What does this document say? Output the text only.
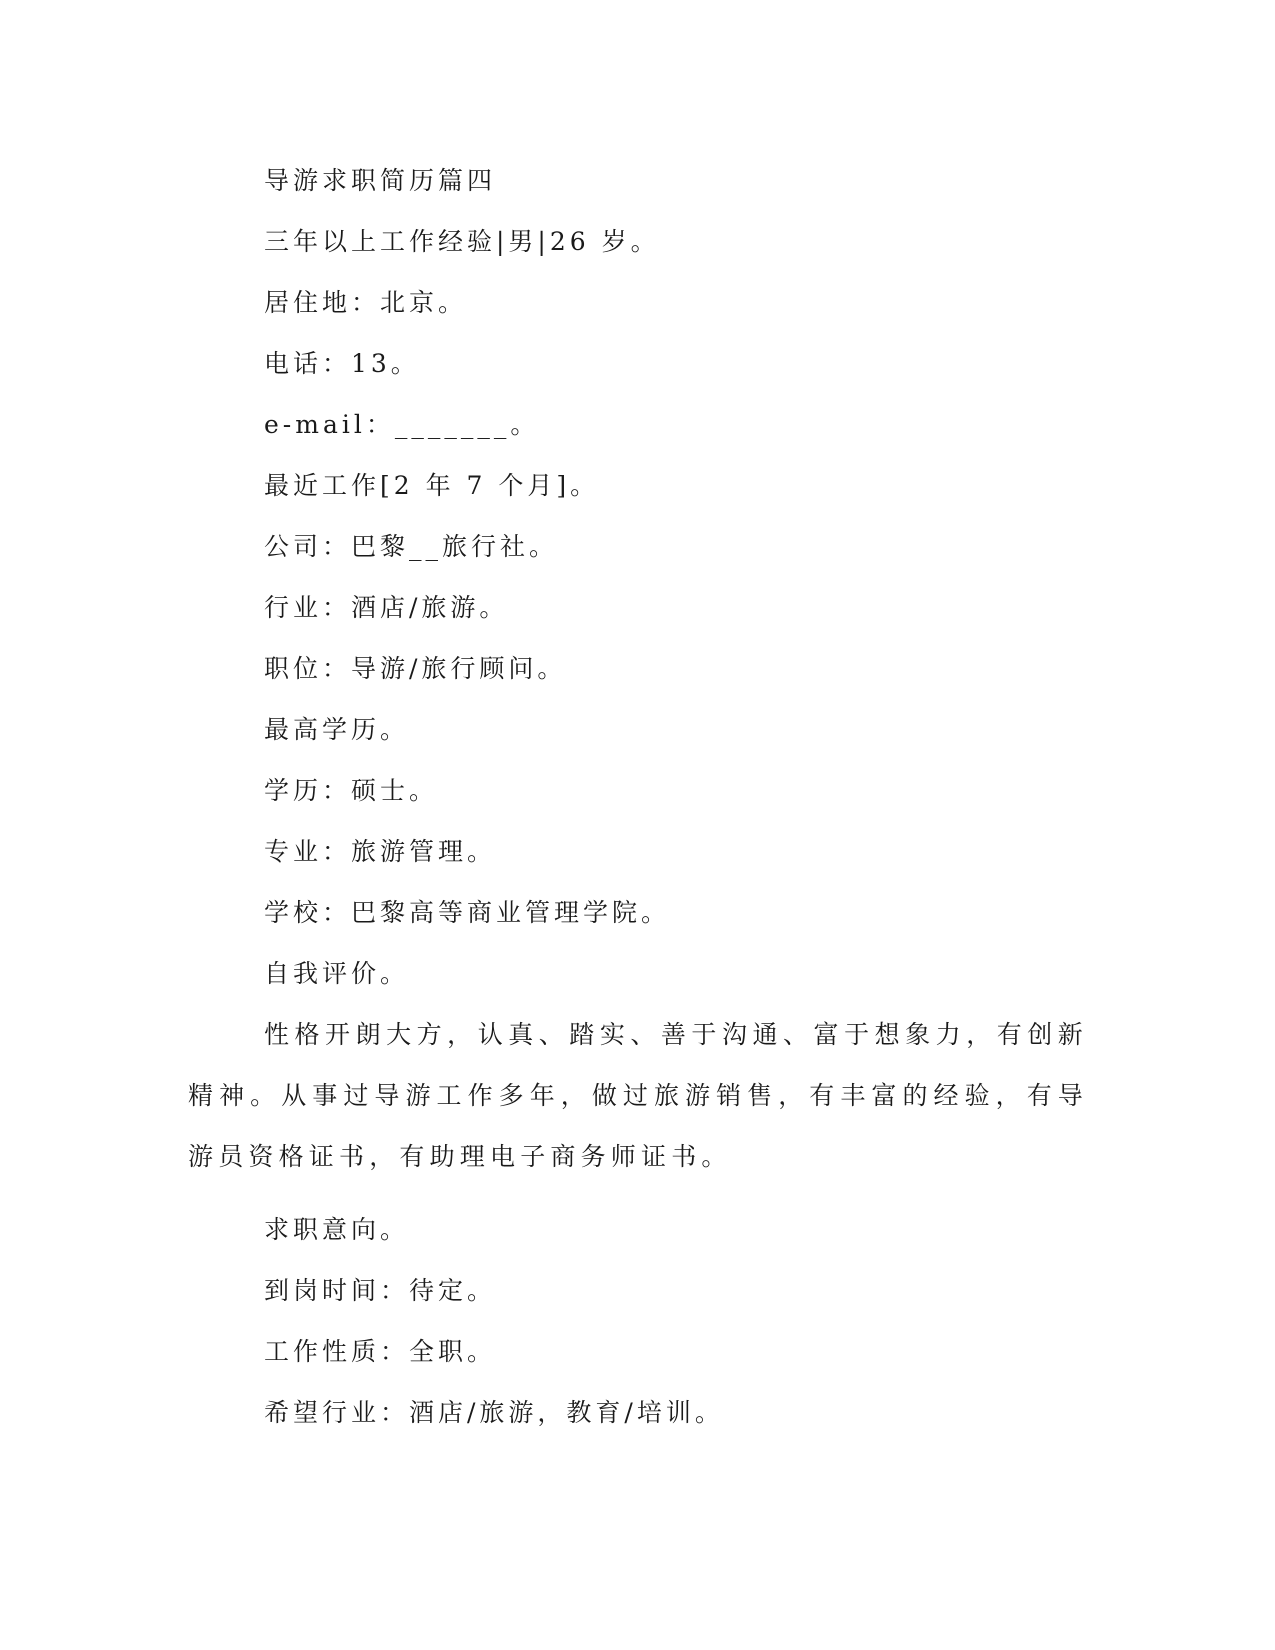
导游求职简历篇四
三年以上工作经验|男|26 岁。
居住地：北京。
电话：13。
e-mail：_______。
最近工作[2 年 7 个月]。
公司：巴黎__旅行社。
行业：酒店/旅游。
职位：导游/旅行顾问。
最高学历。
学历：硕士。
专业：旅游管理。
学校：巴黎高等商业管理学院。
自我评价。
性格开朗大方，认真、踏实、善于沟通、富于想象力，有创新精神。从事过导游工作多年，做过旅游销售，有丰富的经验，有导游员资格证书，有助理电子商务师证书。
求职意向。
到岗时间：待定。
工作性质：全职。
希望行业：酒店/旅游，教育/培训。
